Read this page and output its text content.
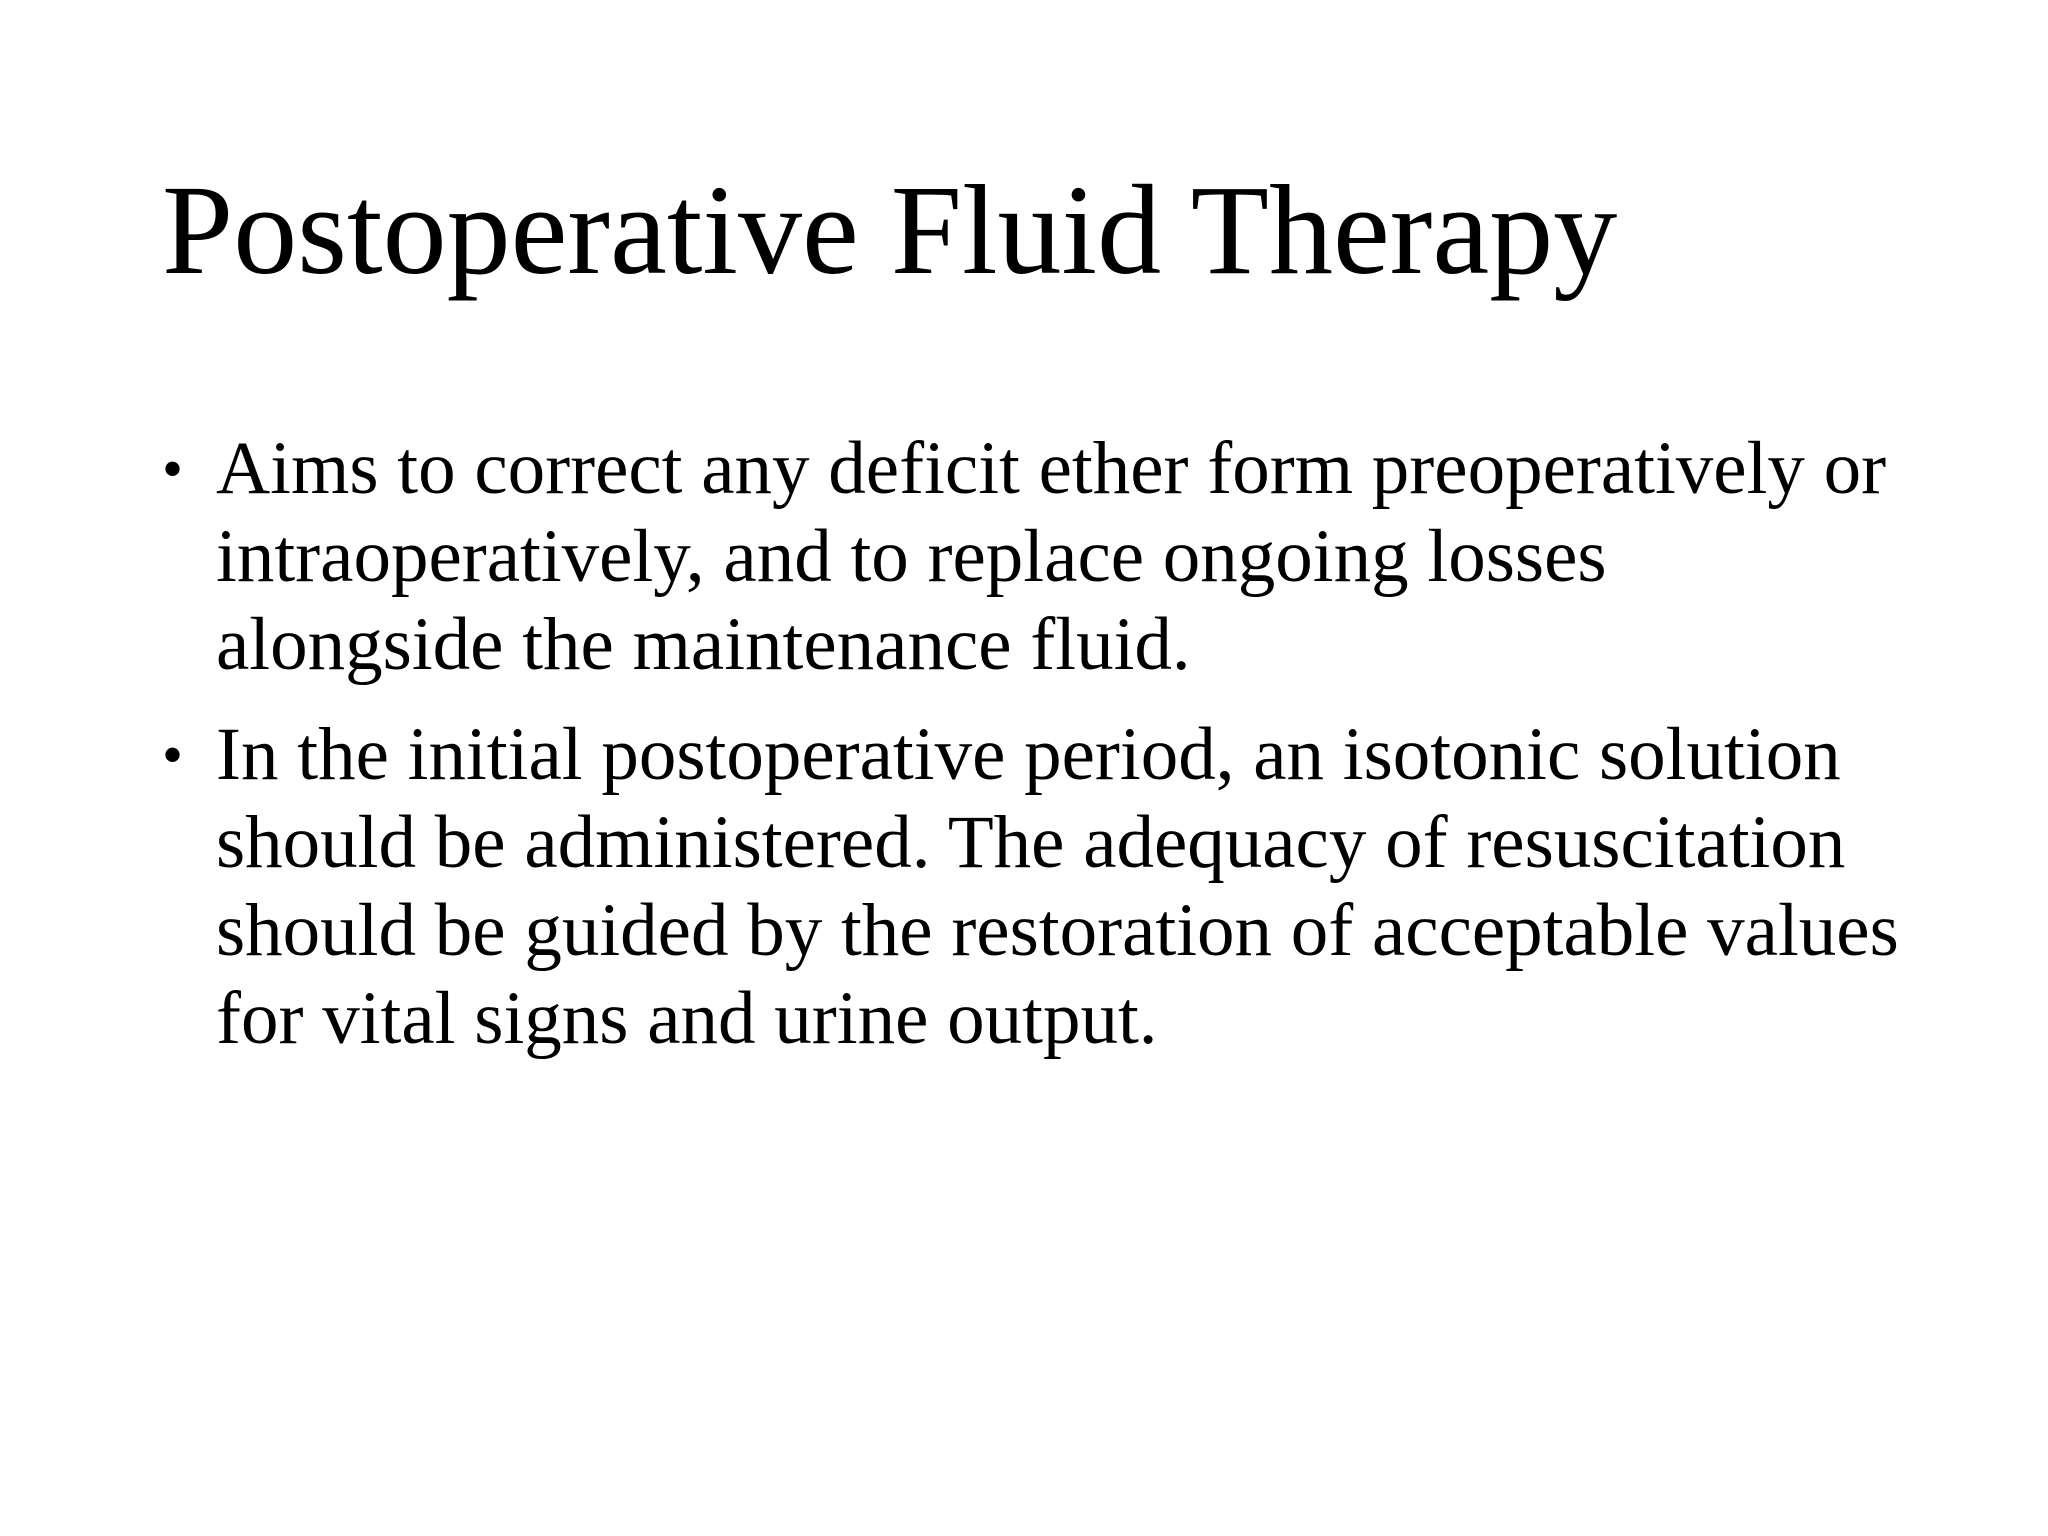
Postoperative Fluid Therapy
• Aims to correct any deficit ether form preoperatively or intraoperatively, and to replace ongoing losses alongside the maintenance fluid.
• In the initial postoperative period, an isotonic solution should be administered. The adequacy of resuscitation should be guided by the restoration of acceptable values for vital signs and urine output.
